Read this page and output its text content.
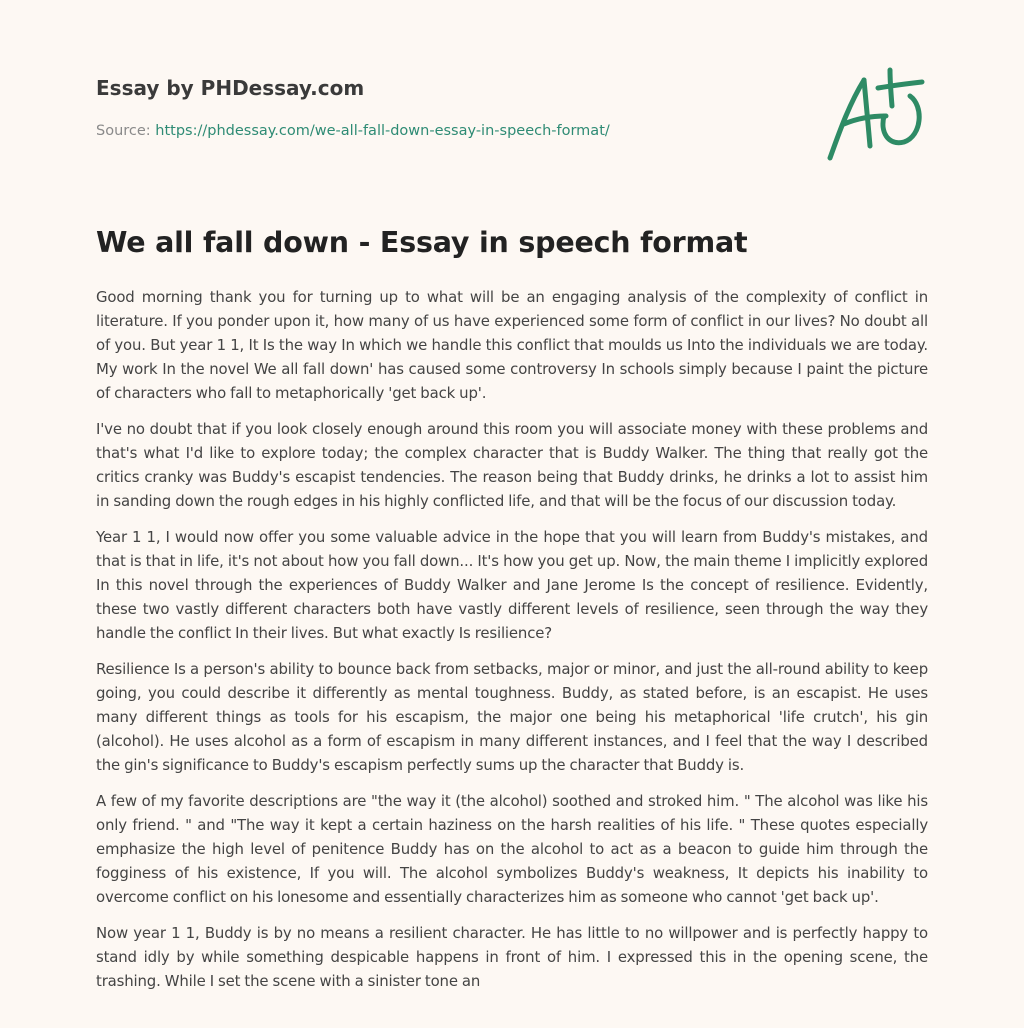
Essay by PHDessay.com
Source: https://phdessay.com/we-all-fall-down-essay-in-speech-format/
We all fall down - Essay in speech format

Good morning thank you for turning up to what will be an engaging analysis of the complexity of conflict in literature. If you ponder upon it, how many of us have experienced some form of conflict in our lives? No doubt all of you. But year 1 1, It Is the way In which we handle this conflict that moulds us Into the individuals we are today. My work In the novel We all fall down' has caused some controversy In schools simply because I paint the picture of characters who fall to metaphorically 'get back up'.

I've no doubt that if you look closely enough around this room you will associate money with these problems and that's what I'd like to explore today; the complex character that is Buddy Walker. The thing that really got the critics cranky was Buddy's escapist tendencies. The reason being that Buddy drinks, he drinks a lot to assist him in sanding down the rough edges in his highly conflicted life, and that will be the focus of our discussion today.

Year 1 1, I would now offer you some valuable advice in the hope that you will learn from Buddy's mistakes, and that is that in life, it's not about how you fall down... It's how you get up. Now, the main theme I implicitly explored In this novel through the experiences of Buddy Walker and Jane Jerome Is the concept of resilience. Evidently, these two vastly different characters both have vastly different levels of resilience, seen through the way they handle the conflict In their lives. But what exactly Is resilience?

Resilience Is a person's ability to bounce back from setbacks, major or minor, and just the all-round ability to keep going, you could describe it differently as mental toughness. Buddy, as stated before, is an escapist. He uses many different things as tools for his escapism, the major one being his metaphorical 'life crutch', his gin (alcohol). He uses alcohol as a form of escapism in many different instances, and I feel that the way I described the gin's significance to Buddy's escapism perfectly sums up the character that Buddy is.

A few of my favorite descriptions are "the way it (the alcohol) soothed and stroked him. " The alcohol was like his only friend. " and "The way it kept a certain haziness on the harsh realities of his life. " These quotes especially emphasize the high level of penitence Buddy has on the alcohol to act as a beacon to guide him through the fogginess of his existence, If you will. The alcohol symbolizes Buddy's weakness, It depicts his inability to overcome conflict on his lonesome and essentially characterizes him as someone who cannot 'get back up'.

Now year 1 1, Buddy is by no means a resilient character. He has little to no willpower and is perfectly happy to stand idly by while something despicable happens in front of him. I expressed this in the opening scene, the trashing. While I set the scene with a sinister tone an
